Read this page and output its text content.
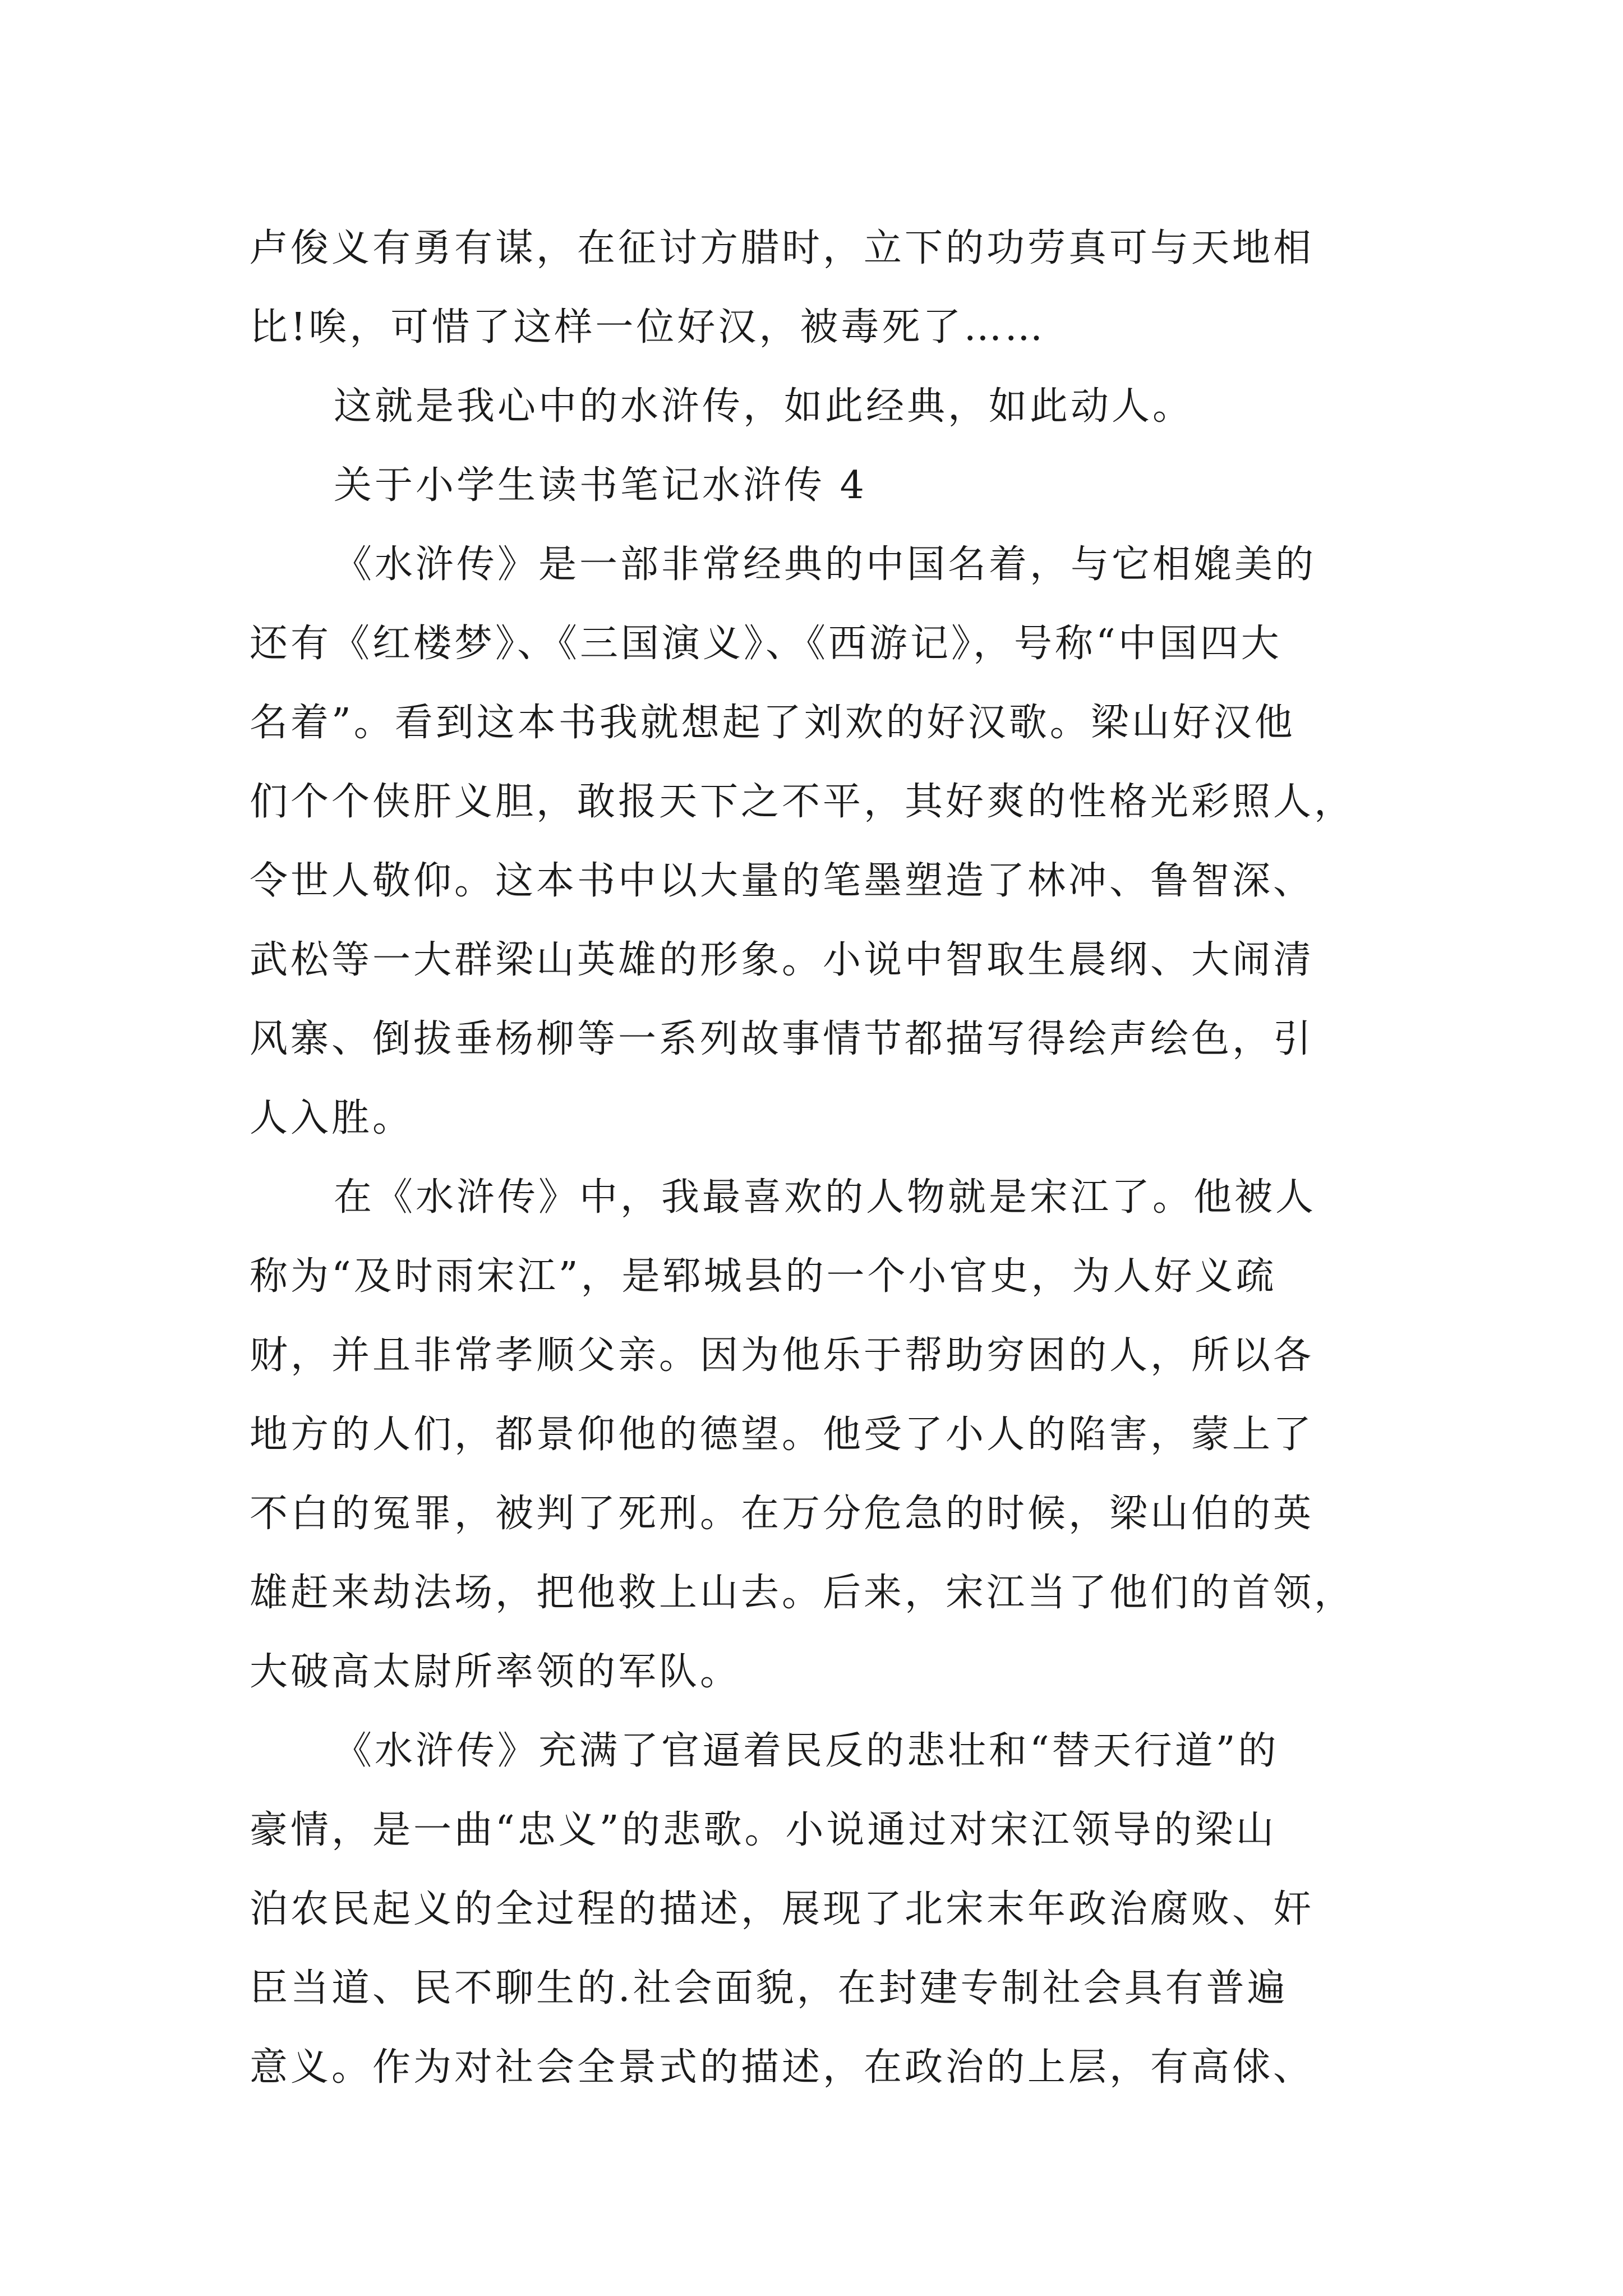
卢俊义有勇有谋，在征讨方腊时，立下的功劳真可与天地相
比!唉，可惜了这样一位好汉，被毒死了……
这就是我心中的水浒传，如此经典，如此动人。
关于小学生读书笔记水浒传 4
《水浒传》是一部非常经典的中国名着，与它相媲美的
还有《红楼梦》、《三国演义》、《西游记》，号称“中国四大
名着”。看到这本书我就想起了刘欢的好汉歌。梁山好汉他
们个个侠肝义胆，敢报天下之不平，其好爽的性格光彩照人，
令世人敬仰。这本书中以大量的笔墨塑造了林冲、鲁智深、
武松等一大群梁山英雄的形象。小说中智取生晨纲、大闹清
风寨、倒拔垂杨柳等一系列故事情节都描写得绘声绘色，引
人入胜。
在《水浒传》中，我最喜欢的人物就是宋江了。他被人
称为“及时雨宋江”，是郓城县的一个小官史，为人好义疏
财，并且非常孝顺父亲。因为他乐于帮助穷困的人，所以各
地方的人们，都景仰他的德望。他受了小人的陷害，蒙上了
不白的冤罪，被判了死刑。在万分危急的时候，梁山伯的英
雄赶来劫法场，把他救上山去。后来，宋江当了他们的首领，
大破高太尉所率领的军队。
《水浒传》充满了官逼着民反的悲壮和“替天行道”的
豪情，是一曲“忠义”的悲歌。小说通过对宋江领导的梁山
泊农民起义的全过程的描述，展现了北宋末年政治腐败、奸
臣当道、民不聊生的.社会面貌，在封建专制社会具有普遍
意义。作为对社会全景式的描述，在政治的上层，有高俅、
